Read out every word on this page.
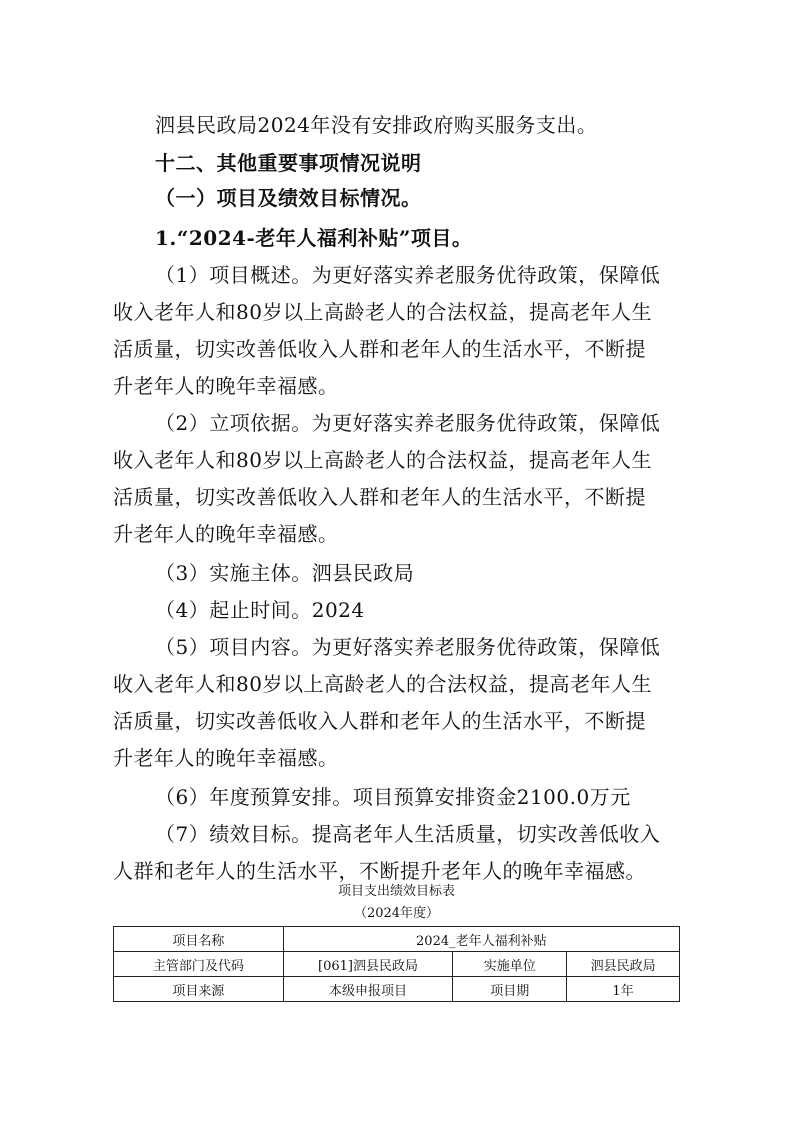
泗县民政局2024年没有安排政府购买服务支出。
十二、其他重要事项情况说明
（一）项目及绩效目标情况。
1.“2024-老年人福利补贴”项目。
（1）项目概述。为更好落实养老服务优待政策，保障低
收入老年人和80岁以上高龄老人的合法权益，提高老年人生
活质量，切实改善低收入人群和老年人的生活水平，不断提
升老年人的晚年幸福感。
（2）立项依据。为更好落实养老服务优待政策，保障低
收入老年人和80岁以上高龄老人的合法权益，提高老年人生
活质量，切实改善低收入人群和老年人的生活水平，不断提
升老年人的晚年幸福感。
（3）实施主体。泗县民政局
（4）起止时间。2024
（5）项目内容。为更好落实养老服务优待政策，保障低
收入老年人和80岁以上高龄老人的合法权益，提高老年人生
活质量，切实改善低收入人群和老年人的生活水平，不断提
升老年人的晚年幸福感。
（6）年度预算安排。项目预算安排资金2100.0万元
（7）绩效目标。提高老年人生活质量，切实改善低收入
人群和老年人的生活水平，不断提升老年人的晚年幸福感。
项目支出绩效目标表
（2024年度）
项目名称	2024_老年人福利补贴		
主管部门及代码	[061]泗县民政局	实施单位	泗县民政局
项目来源	本级申报项目	项目期	1年
